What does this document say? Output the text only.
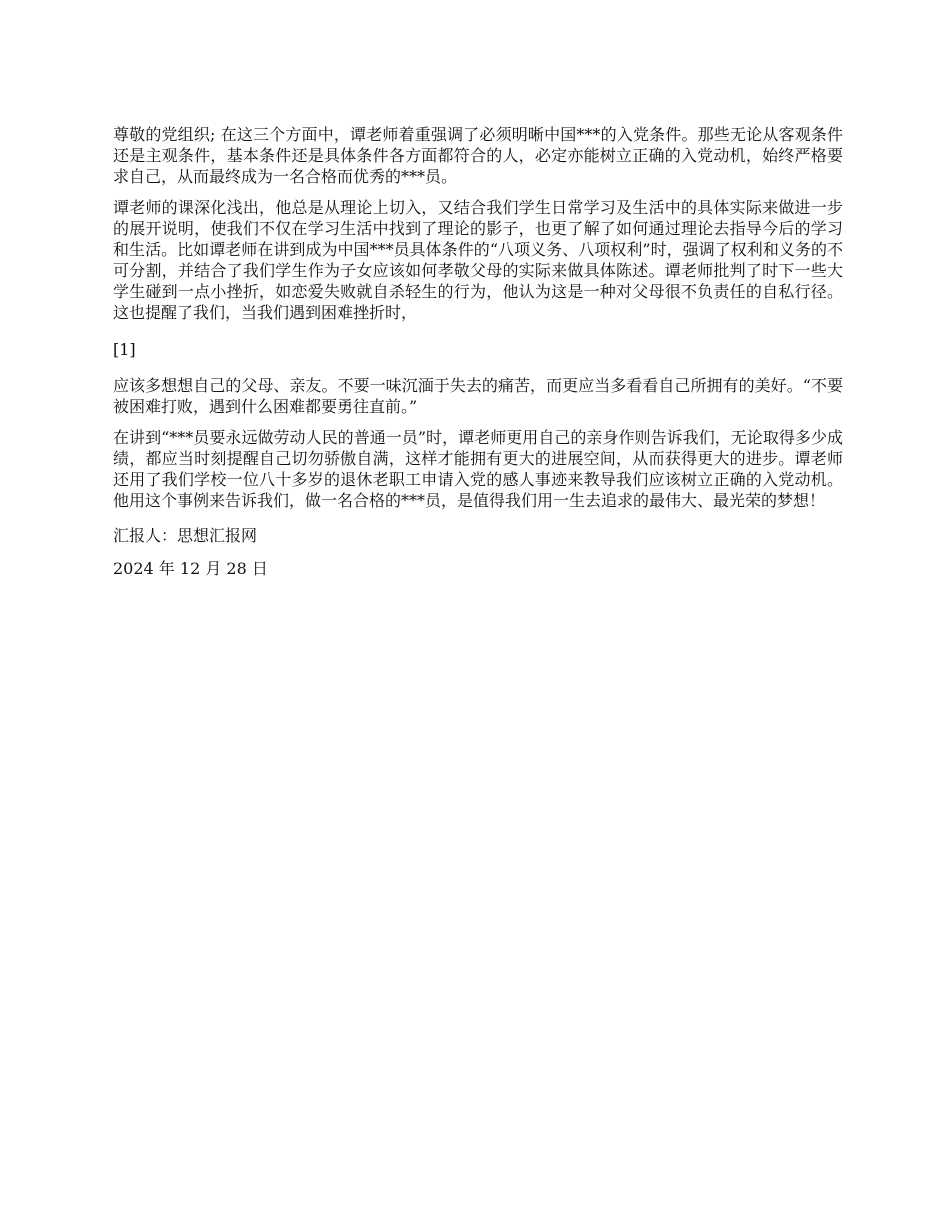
尊敬的党组织; 在这三个方面中，谭老师着重强调了必须明晰中国***的入党条件。那些无论从客观条件还是主观条件，基本条件还是具体条件各方面都符合的人，必定亦能树立正确的入党动机，始终严格要求自己，从而最终成为一名合格而优秀的***员。

谭老师的课深化浅出，他总是从理论上切入，又结合我们学生日常学习及生活中的具体实际来做进一步的展开说明，使我们不仅在学习生活中找到了理论的影子，也更了解了如何通过理论去指导今后的学习和生活。比如谭老师在讲到成为中国***员具体条件的“八项义务、八项权利”时，强调了权利和义务的不可分割，并结合了我们学生作为子女应该如何孝敬父母的实际来做具体陈述。谭老师批判了时下一些大学生碰到一点小挫折，如恋爱失败就自杀轻生的行为，他认为这是一种对父母很不负责任的自私行径。这也提醒了我们，当我们遇到困难挫折时，

[1]

应该多想想自己的父母、亲友。不要一味沉湎于失去的痛苦，而更应当多看看自己所拥有的美好。“不要被困难打败，遇到什么困难都要勇往直前。”

在讲到“***员要永远做劳动人民的普通一员”时，谭老师更用自己的亲身作则告诉我们，无论取得多少成绩，都应当时刻提醒自己切勿骄傲自满，这样才能拥有更大的进展空间，从而获得更大的进步。谭老师还用了我们学校一位八十多岁的退休老职工申请入党的感人事迹来教导我们应该树立正确的入党动机。他用这个事例来告诉我们，做一名合格的***员，是值得我们用一生去追求的最伟大、最光荣的梦想！

汇报人：思想汇报网

2024 年 12 月 28 日
